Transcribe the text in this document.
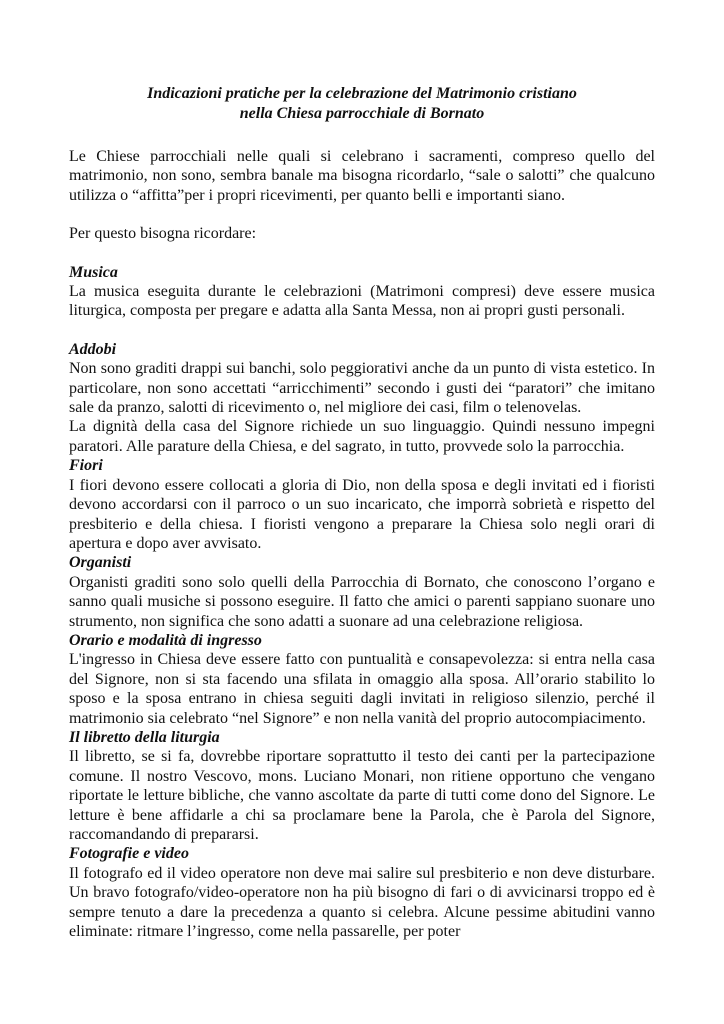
Indicazioni pratiche per la celebrazione del Matrimonio cristiano
nella Chiesa parrocchiale di Bornato

Le Chiese parrocchiali nelle quali si celebrano i sacramenti, compreso quello del matrimonio, non sono, sembra banale ma bisogna ricordarlo, “sale o salotti” che qualcuno utilizza o “affitta”per i propri ricevimenti, per quanto belli e importanti siano.

Per questo bisogna ricordare:

Musica

La musica eseguita durante le celebrazioni (Matrimoni compresi) deve essere musica liturgica, composta per pregare e adatta alla Santa Messa, non ai propri gusti personali.

Addobi

Non sono graditi drappi sui banchi, solo peggiorativi anche da un punto di vista estetico. In particolare, non sono accettati “arricchimenti” secondo i gusti dei “paratori” che imitano sale da pranzo, salotti di ricevimento o, nel migliore dei casi, film o telenovelas.

La dignità della casa del Signore richiede un suo linguaggio. Quindi nessuno impegni paratori. Alle parature della Chiesa, e del sagrato, in tutto, provvede solo la parrocchia.

Fiori

I fiori devono essere collocati a gloria di Dio, non della sposa e degli invitati ed i fioristi devono accordarsi con il parroco o un suo incaricato, che imporrà sobrietà e rispetto del presbiterio e della chiesa. I fioristi vengono a preparare la Chiesa solo negli orari di apertura e dopo aver avvisato.

Organisti

Organisti graditi sono solo quelli della Parrocchia di Bornato, che conoscono l’organo e sanno quali musiche si possono eseguire. Il fatto che amici o parenti sappiano suonare uno strumento, non significa che sono adatti a suonare ad una celebrazione religiosa.

Orario e modalità di ingresso

L'ingresso in Chiesa deve essere fatto con puntualità e consapevolezza: si entra nella casa del Signore, non si sta facendo una sfilata in omaggio alla sposa. All’orario stabilito lo sposo e la sposa entrano in chiesa seguiti dagli invitati in religioso silenzio, perché il matrimonio sia celebrato “nel Signore” e non nella vanità del proprio autocompiacimento.

Il libretto della liturgia

Il libretto, se si fa, dovrebbe riportare soprattutto il testo dei canti per la partecipazione comune. Il nostro Vescovo, mons. Luciano Monari, non ritiene opportuno che vengano riportate le letture bibliche, che vanno ascoltate da parte di tutti come dono del Signore. Le letture è bene affidarle a chi sa proclamare bene la Parola, che è Parola del Signore, raccomandando di prepararsi.

Fotografie e video

Il fotografo ed il video operatore non deve mai salire sul presbiterio e non deve disturbare. Un bravo fotografo/video-operatore non ha più bisogno di fari o di avvicinarsi troppo ed è sempre tenuto a dare la precedenza a quanto si celebra. Alcune pessime abitudini vanno eliminate: ritmare l’ingresso, come nella passarelle, per poter
